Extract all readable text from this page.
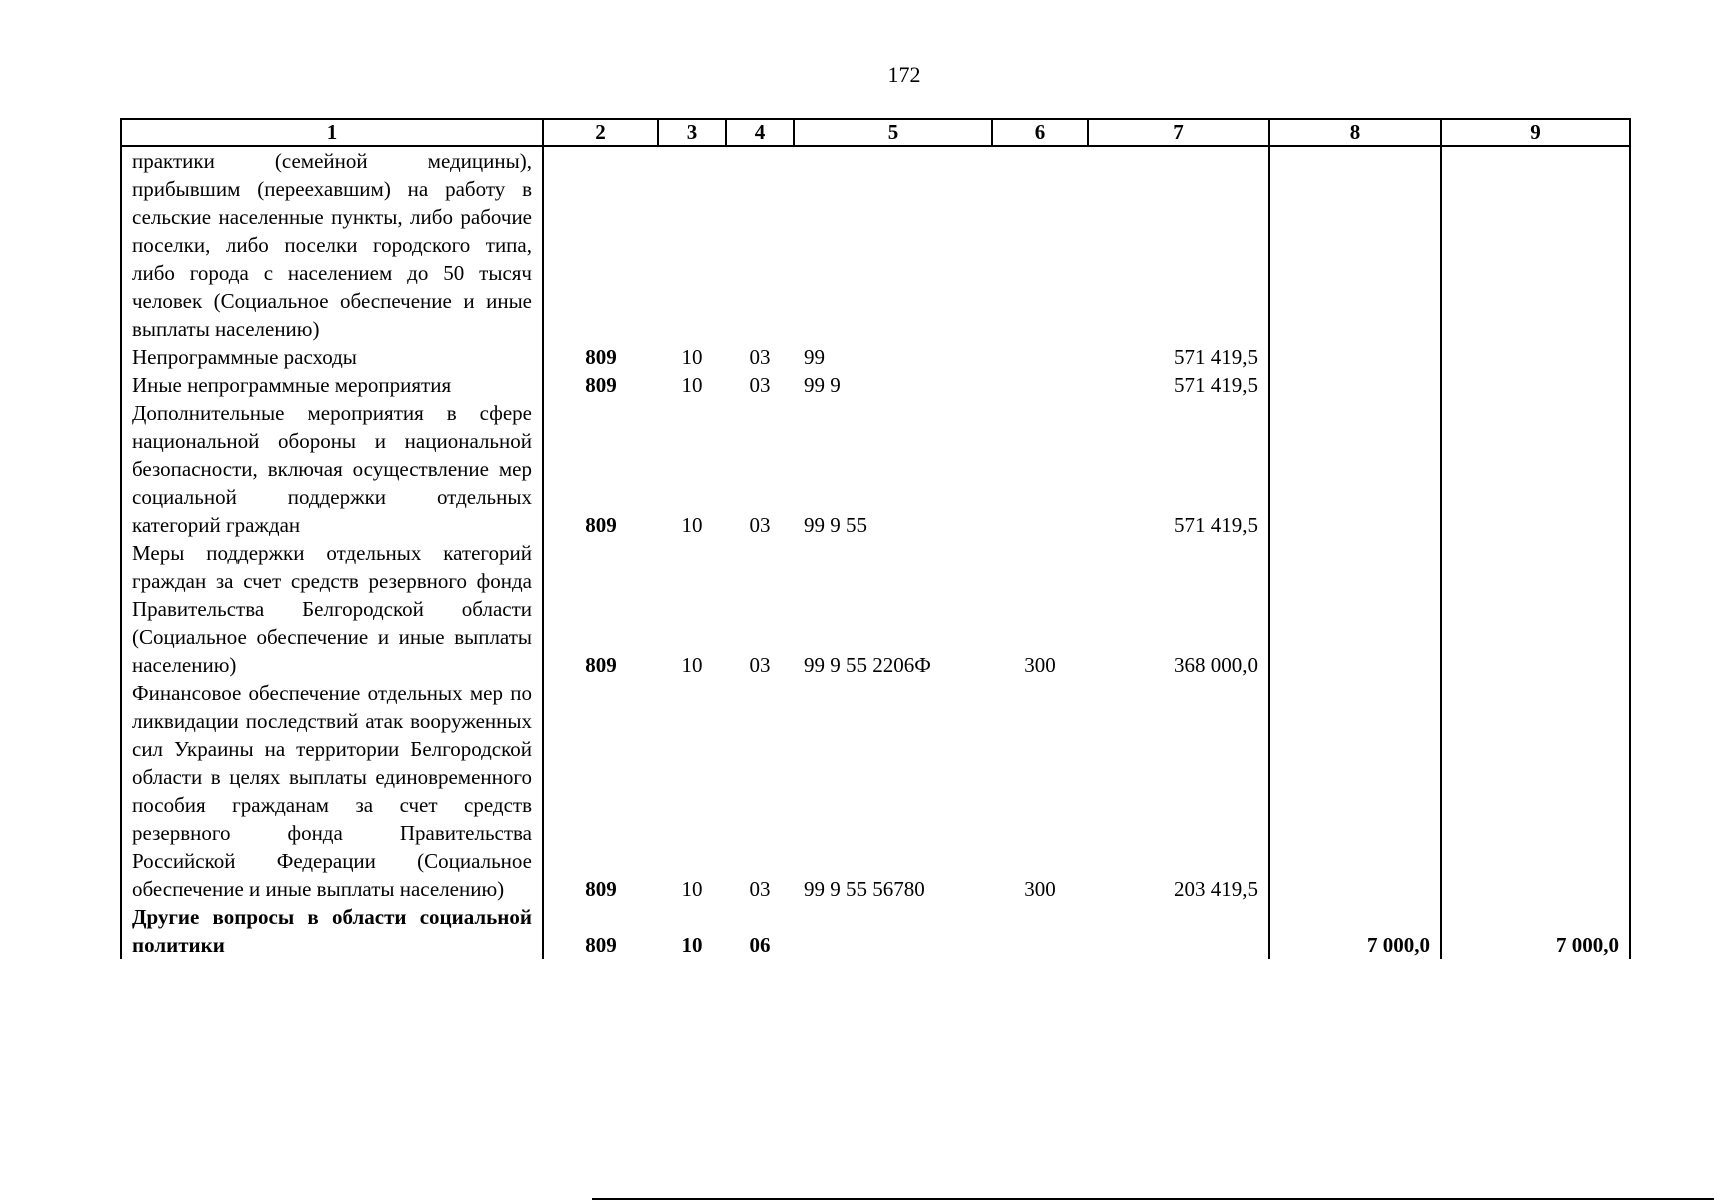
172
1	2	3	4	5	6	7	8	9
практики (семейной медицины), прибывшим (переехавшим) на работу в сельские населенные пункты, либо рабочие поселки, либо поселки городского типа, либо города с населением до 50 тысяч человек (Социальное обеспечение и иные выплаты населению)								
Непрограммные расходы	809	10	03	99		571 419,5		
Иные непрограммные мероприятия	809	10	03	99 9		571 419,5		
Дополнительные мероприятия в сфере национальной обороны и национальной безопасности, включая осуществление мер социальной поддержки отдельных категорий граждан	809	10	03	99 9 55		571 419,5		
Меры поддержки отдельных категорий граждан за счет средств резервного фонда Правительства Белгородской области (Социальное обеспечение и иные выплаты населению)	809	10	03	99 9 55 2206Ф	300	368 000,0		
Финансовое обеспечение отдельных мер по ликвидации последствий атак вооруженных сил Украины на территории Белгородской области в целях выплаты единовременного пособия гражданам за счет средств резервного фонда Правительства Российской Федерации (Социальное обеспечение и иные выплаты населению)	809	10	03	99 9 55 56780	300	203 419,5		
Другие вопросы в области социальной политики	809	10	06				7 000,0	7 000,0
